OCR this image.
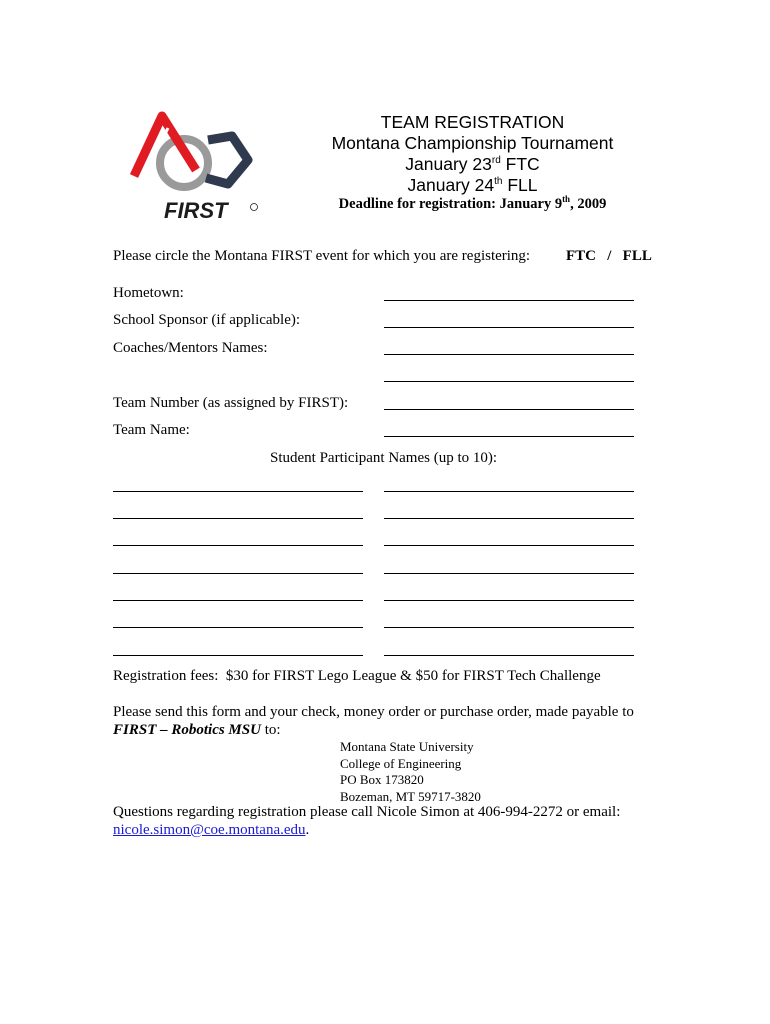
FIRST
TEAM REGISTRATION
Montana Championship Tournament
January 23rd FTC
January 24th FLL
Deadline for registration: January 9th, 2009
Please circle the Montana FIRST event for which you are registering: FTC   /   FLL
Hometown:
School Sponsor (if applicable):
Coaches/Mentors Names:
Team Number (as assigned by FIRST):
Team Name:
Student Participant Names (up to 10):
Registration fees:  $30 for FIRST Lego League & $50 for FIRST Tech Challenge
Please send this form and your check, money order or purchase order, made payable to
FIRST – Robotics MSU to:
Montana State University
College of Engineering
PO Box 173820
Bozeman, MT 59717-3820
Questions regarding registration please call Nicole Simon at 406-994-2272 or email:
nicole.simon@coe.montana.edu.
